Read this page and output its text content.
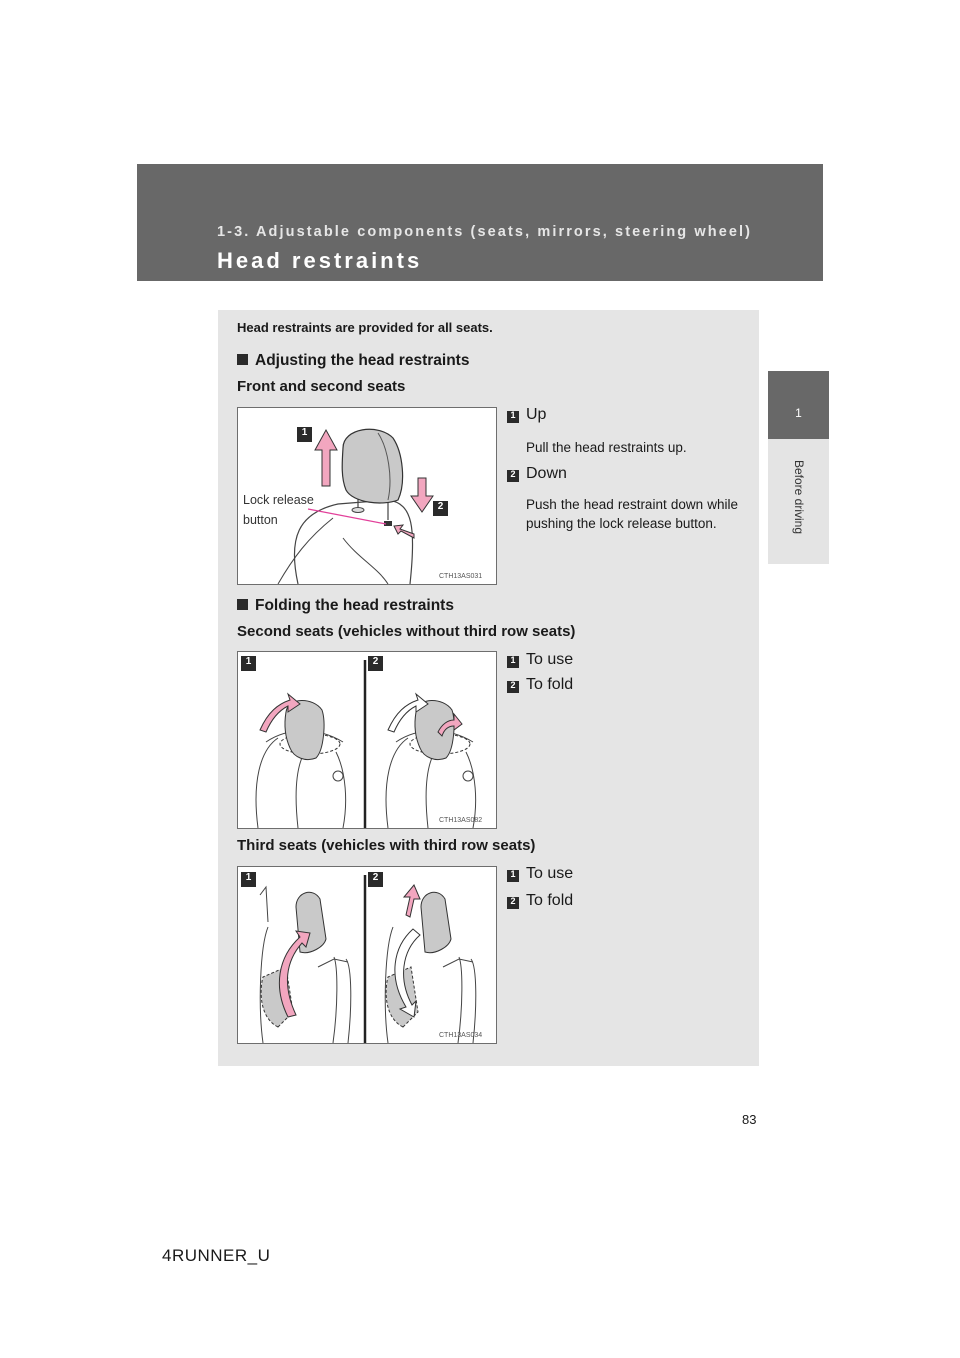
1-3. Adjustable components (seats, mirrors, steering wheel)
Head restraints
1
Before driving
Head restraints are provided for all seats.
Adjusting the head restraints
Front and second seats
CTH13AS031
1
2
Lock release
button
1 Up
Pull the head restraints up.
2 Down
Push the head restraint down while pushing the lock release button.
Folding the head restraints
Second seats (vehicles without third row seats)
CTH13AS082
1	2	1 To use
2 To fold
Third seats (vehicles with third row seats)
CTH13AS034
1	2	1 To use
2 To fold
83
4RUNNER_U
